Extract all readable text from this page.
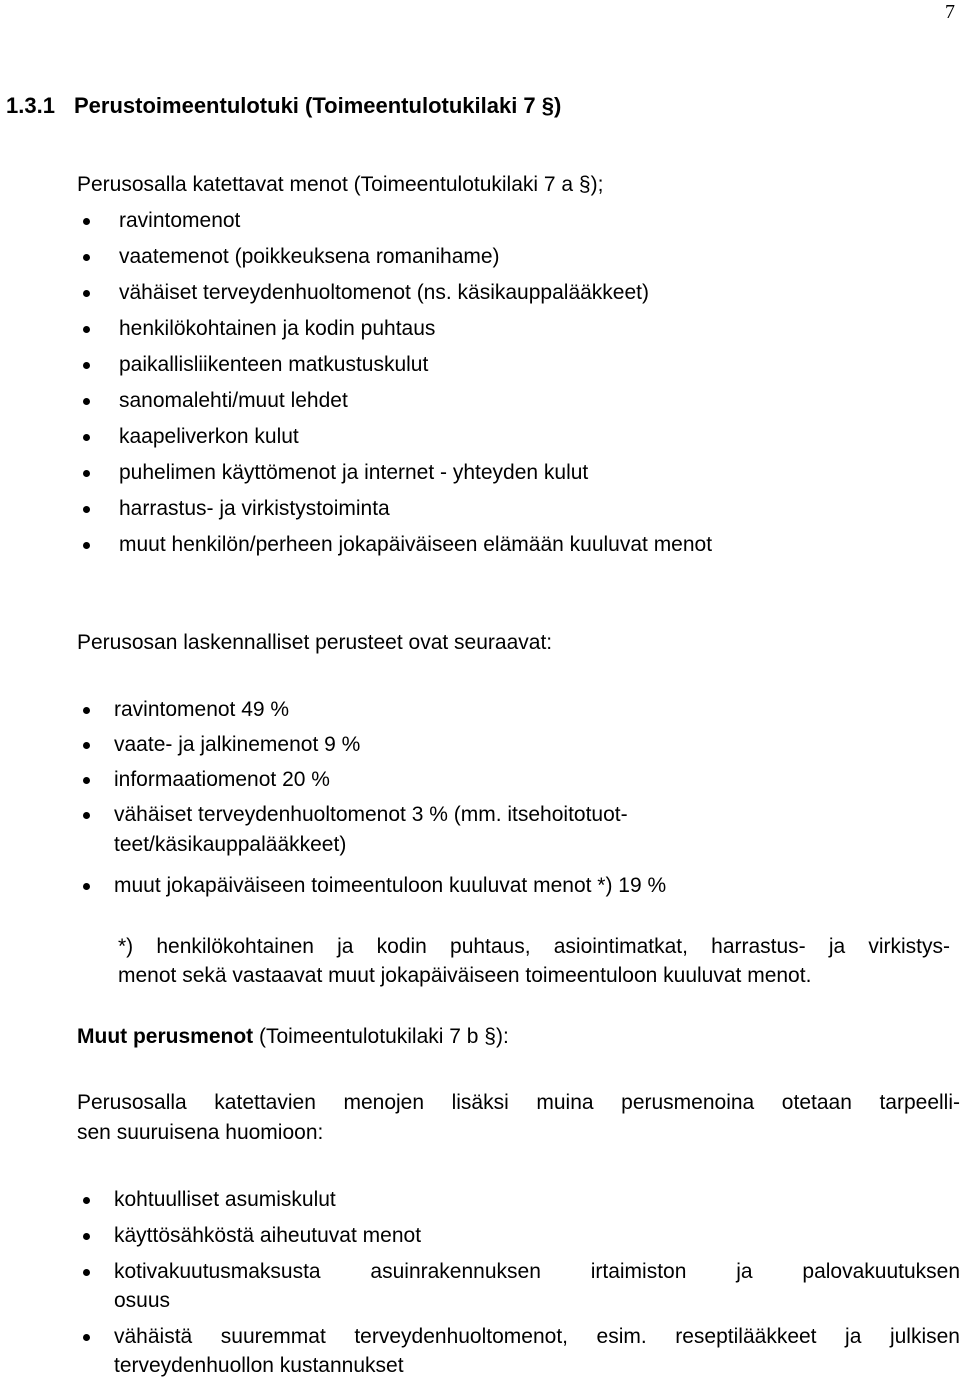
7
1.3.1 Perustoimeentulotuki (Toimeentulotukilaki 7 §)
Perusosalla katettavat menot (Toimeentulotukilaki 7 a §);
ravintomenot
vaatemenot (poikkeuksena romanihame)
vähäiset terveydenhuoltomenot (ns. käsikauppalääkkeet)
henkilökohtainen ja kodin puhtaus
paikallisliikenteen matkustuskulut
sanomalehti/muut lehdet
kaapeliverkon kulut
puhelimen käyttömenot ja internet - yhteyden kulut
harrastus- ja virkistystoiminta
muut henkilön/perheen jokapäiväiseen elämään kuuluvat menot
Perusosan laskennalliset perusteet ovat seuraavat:
ravintomenot 49 %
vaate- ja jalkinemenot 9 %
informaatiomenot 20 %
vähäiset terveydenhuoltomenot 3 % (mm. itsehoitotuot-
teet/käsikauppalääkkeet)
muut jokapäiväiseen toimeentuloon kuuluvat menot *) 19 %
*) henkilökohtainen ja kodin puhtaus, asiointimatkat, harrastus- ja virkistys-
menot sekä vastaavat muut jokapäiväiseen toimeentuloon kuuluvat menot.
Muut perusmenot (Toimeentulotukilaki 7 b §):
Perusosalla katettavien menojen lisäksi muina perusmenoina otetaan tarpeelli-
sen suuruisena huomioon:
kohtuulliset asumiskulut
käyttösähköstä aiheutuvat menot
kotivakuutusmaksusta asuinrakennuksen irtaimiston ja palovakuutuksen
osuus
vähäistä suuremmat terveydenhuoltomenot, esim. reseptilääkkeet ja julkisen
terveydenhuollon kustannukset
